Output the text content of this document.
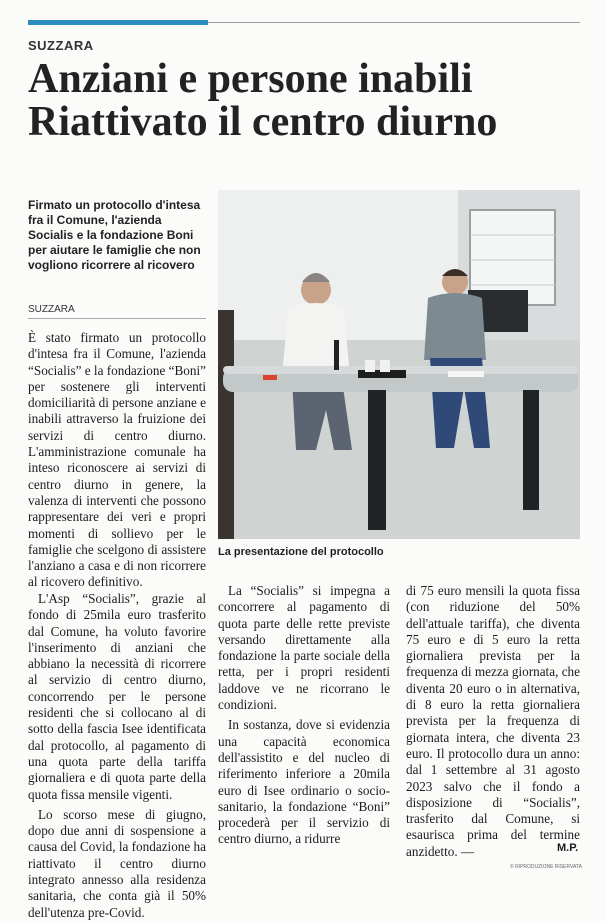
SUZZARA
Anziani e persone inabili
Riattivato il centro diurno
Firmato un protocollo d'intesa fra il Comune, l'azienda Socialis e la fondazione Boni per aiutare le famiglie che non vogliono ricorrere al ricovero
SUZZARA

È stato firmato un protocollo d'intesa fra il Comune, l'azienda “Socialis” e la fondazione “Boni” per sostenere gli interventi domiciliarità di persone anziane e inabili attraverso la fruizione dei servizi di centro diurno. L'amministrazione comunale ha inteso riconoscere ai servizi di centro diurno in genere, la valenza di interventi che possono rappresentare dei veri e propri momenti di sollievo per le famiglie che scelgono di assistere l'anziano a casa e di non ricorrere al ricovero definitivo.

L'Asp “Socialis”, grazie al fondo di 25mila euro trasferito dal Comune, ha voluto favorire l'inserimento di anziani che abbiano la necessità di ricorrere al servizio di centro diurno, concorrendo per le persone residenti che si collocano al di sotto della fascia Isee identificata dal protocollo, al pagamento di una quota parte della tariffa giornaliera e di quota parte della quota fissa mensile vigenti.

Lo scorso mese di giugno, dopo due anni di sospensione a causa del Covid, la fondazione ha riattivato il centro diurno integrato annesso alla residenza sanitaria, che conta già il 50% dell'utenza pre-Covid.

La presentazione del protocollo

La “Socialis” si impegna a concorrere al pagamento di quota parte delle rette previste versando direttamente alla fondazione la parte sociale della retta, per i propri residenti laddove ve ne ricorrano le condizioni.

In sostanza, dove si evidenzia una capacità economica dell'assistito e del nucleo di riferimento inferiore a 20mila euro di Isee ordinario o socio-sanitario, la fondazione “Boni” procederà per il servizio di centro diurno, a ridurre

di 75 euro mensili la quota fissa (con riduzione del 50% dell'attuale tariffa), che diventa 75 euro e di 5 euro la retta giornaliera prevista per la frequenza di mezza giornata, che diventa 20 euro o in alternativa, di 8 euro la retta giornaliera prevista per la frequenza di giornata intera, che diventa 23 euro. Il protocollo dura un anno: dal 1 settembre al 31 agosto 2023 salvo che il fondo a disposizione di “Socialis”, trasferito dal Comune, si esaurisca prima del termine anzidetto. —	M.P.
© RIPRODUZIONE RISERVATA
